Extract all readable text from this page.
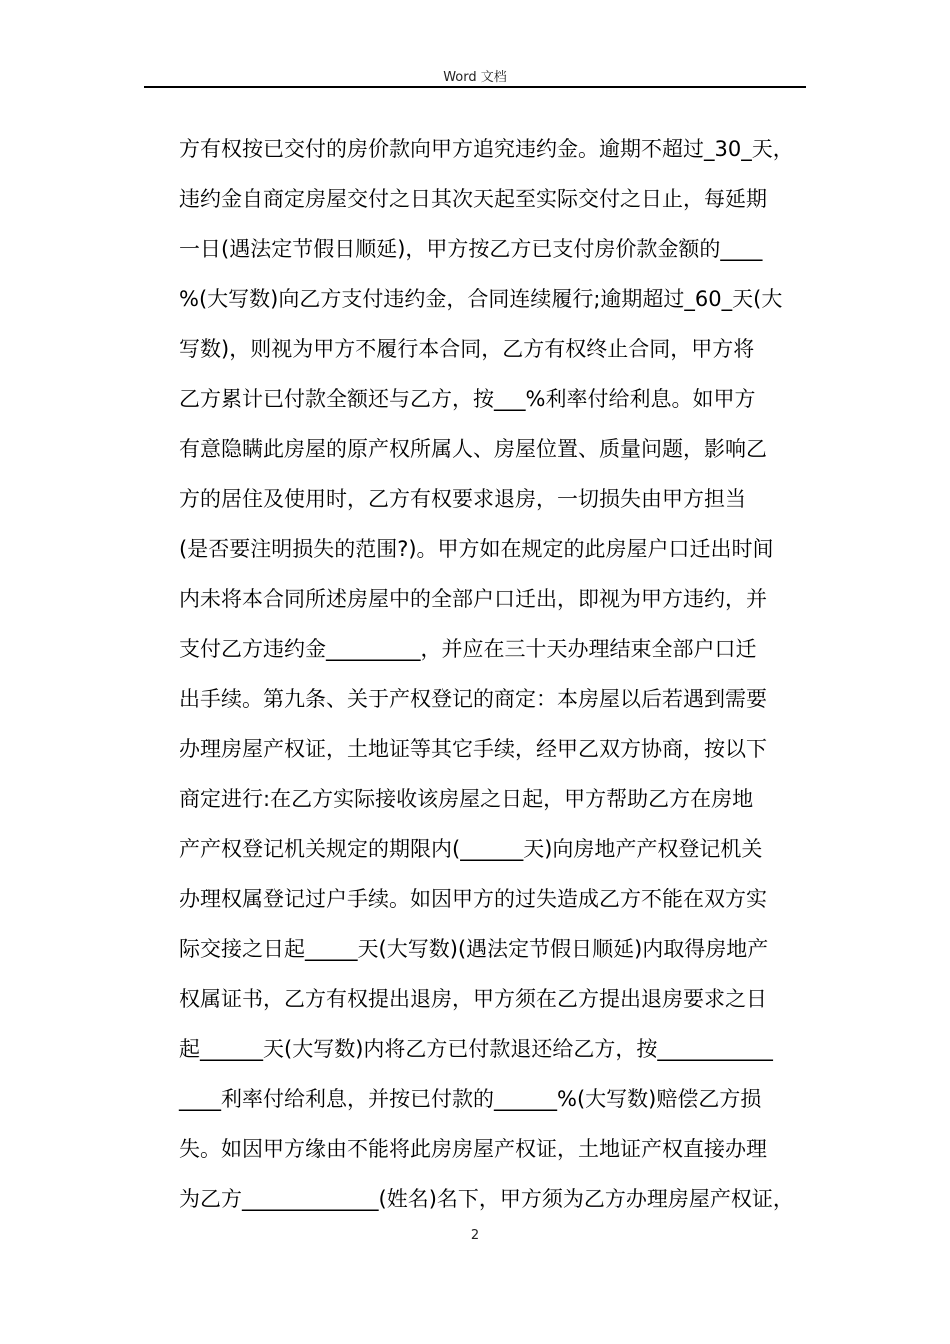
Word 文档
方有权按已交付的房价款向甲方追究违约金。逾期不超过_30_天，
违约金自商定房屋交付之日其次天起至实际交付之日止，每延期
一日(遇法定节假日顺延)，甲方按乙方已支付房价款金额的____
%(大写数)向乙方支付违约金，合同连续履行;逾期超过_60_天(大
写数)，则视为甲方不履行本合同，乙方有权终止合同，甲方将
乙方累计已付款全额还与乙方，按___%利率付给利息。如甲方
有意隐瞒此房屋的原产权所属人、房屋位置、质量问题，影响乙
方的居住及使用时，乙方有权要求退房，一切损失由甲方担当
(是否要注明损失的范围?)。甲方如在规定的此房屋户口迁出时间
内未将本合同所述房屋中的全部户口迁出，即视为甲方违约，并
支付乙方违约金_________，并应在三十天办理结束全部户口迁
出手续。第九条、关于产权登记的商定：本房屋以后若遇到需要
办理房屋产权证，土地证等其它手续，经甲乙双方协商，按以下
商定进行:在乙方实际接收该房屋之日起，甲方帮助乙方在房地
产产权登记机关规定的期限内(______天)向房地产产权登记机关
办理权属登记过户手续。如因甲方的过失造成乙方不能在双方实
际交接之日起_____天(大写数)(遇法定节假日顺延)内取得房地产
权属证书，乙方有权提出退房，甲方须在乙方提出退房要求之日
起______天(大写数)内将乙方已付款退还给乙方，按___________
____利率付给利息，并按已付款的______%(大写数)赔偿乙方损
失。如因甲方缘由不能将此房房屋产权证，土地证产权直接办理
为乙方_____________(姓名)名下，甲方须为乙方办理房屋产权证，
2
